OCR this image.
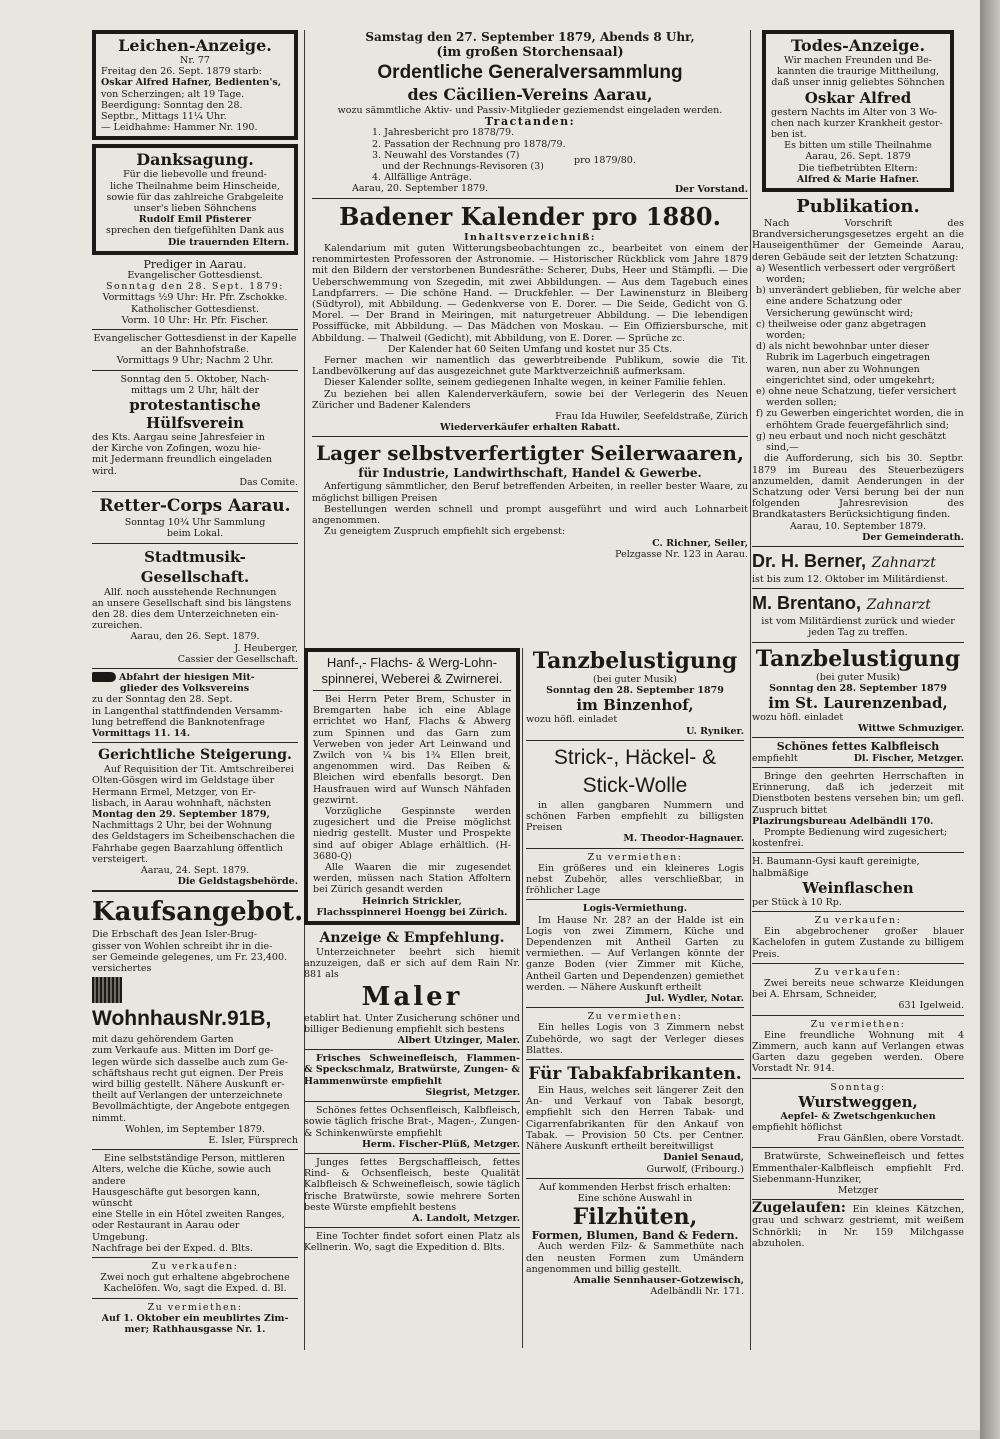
Leichen-Anzeige.

Nr. 77

Freitag den 26. Sept. 1879 starb:

Oskar Alfred Hafner, Bedienten's,

von Scherzingen; alt 19 Tage.

Beerdigung: Sonntag den 28.

Septbr., Mittags 11¼ Uhr.

— Leidhahme: Hammer Nr. 190.

Danksagung.

Für die liebevolle und freund-

liche Theilnahme beim Hinscheide,

sowie für das zahlreiche Grabgeleite

unser's lieben Söhnchens

Rudolf Emil Pfisterer

sprechen den tiefgefühlten Dank aus

Die trauernden Eltern.

Prediger in Aarau.

Evangelischer Gottesdienst.

Sonntag den 28. Sept. 1879:

Vormittags ½9 Uhr: Hr. Pfr. Zschokke.

Katholischer Gottesdienst.

Vorm. 10 Uhr: Hr. Pfr. Fischer.

Evangelischer Gottesdienst in der Kapelle

an der Bahnhofstraße.

Vormittags 9 Uhr; Nachm 2 Uhr.

Sonntag den 5. Oktober, Nach-

mittags um 2 Uhr, hält der

protestantische Hülfsverein

des Kts. Aargau seine Jahresfeier in

der Kirche von Zofingen, wozu hie-

mit Jedermann freundlich eingeladen wird.

Das Comite.

Retter-Corps Aarau.

Sonntag 10¾ Uhr Sammlung

beim Lokal.

Stadtmusik-Gesellschaft.

Allf. noch ausstehende Rechnungen

an unsere Gesellschaft sind bis längstens

den 28. dies dem Unterzeichneten ein-

zureichen.

Aarau, den 26. Sept. 1879.

J. Heuberger,

Cassier der Gesellschaft.

Abfahrt der hiesigen Mit-

glieder des Volksvereins

zu der Sonntag den 28. Sept.

in Langenthal stattfindenden Versamm-

lung betreffend die Banknotenfrage

Vormittags 11. 14.

Gerichtliche Steigerung.

Auf Requisition der Tit. Amtschreiberei

Olten-Gösgen wird im Geldstage über

Hermann Ermel, Metzger, von Er-

lisbach, in Aarau wohnhaft, nächsten

Montag den 29. September 1879,

Nachmittags 2 Uhr, bei der Wohnung

des Geldstagers im Scheibenschachen die

Fahrhabe gegen Baarzahlung öffentlich

versteigert.

Aarau, 24. Sept. 1879.

Die Geldstagsbehörde.

Kaufsangebot.

Die Erbschaft des Jean Isler-Brug-

gisser von Wohlen schreibt ihr in die-

ser Gemeinde gelegenes, um Fr. 23,400.

versichertes

WohnhausNr.91B,

mit dazu gehörendem Garten

zum Verkaufe aus. Mitten im Dorf ge-

legen würde sich dasselbe auch zum Ge-

schäftshaus recht gut eignen. Der Preis

wird billig gestellt. Nähere Auskunft er-

theilt auf Verlangen der unterzeichnete

Bevollmächtigte, der Angebote entgegen

nimmt.

Wohlen, im September 1879.

E. Isler, Fürsprech

Eine selbstständige Person, mittleren

Alters, welche die Küche, sowie auch andere

Hausgeschäfte gut besorgen kann, wünscht

eine Stelle in ein Hôtel zweiten Ranges,

oder Restaurant in Aarau oder Umgebung.

Nachfrage bei der Exped. d. Blts.

Zu verkaufen:

Zwei noch gut erhaltene abgebrochene

Kachelöfen. Wo, sagt die Exped. d. Bl.

Zu vermiethen:

Auf 1. Oktober ein meublirtes Zim-

mer; Rathhausgasse Nr. 1.

Samstag den 27. September 1879, Abends 8 Uhr,

(im großen Storchensaal)

Ordentliche Generalversammlung

des Cäcilien-Vereins Aarau,

wozu sämmtliche Aktiv- und Passiv-Mitglieder geziemendst eingeladen werden.

Tractanden:

1. Jahresbericht pro 1878/79.

2. Passation der Rechnung pro 1878/79.

3. Neuwahl des Vorstandes (7)

und der Rechnungs-Revisoren (3)

pro 1879/80.

4. Allfällige Anträge.

Aarau, 20. September 1879.	Der Vorstand.

Badener Kalender pro 1880.

Inhaltsverzeichniß:

Kalendarium mit guten Witterungsbeobachtungen zc., bearbeitet von einem der renommirtesten Professoren der Astronomie. — Historischer Rückblick vom Jahre 1879 mit den Bildern der verstorbenen Bundesräthe: Scherer, Dubs, Heer und Stämpfli. — Die Ueberschwemmung von Szegedin, mit zwei Abbildungen. — Aus dem Tagebuch eines Landpfarrers. — Die schöne Hand. — Druckfehler. — Der Lawinensturz in Bleiberg (Südtyrol), mit Abbildung. — Gedenkverse von E. Dorer. — Die Seide, Gedicht von G. Morel. — Der Brand in Meiringen, mit naturgetreuer Abbildung. — Die lebendigen Possiffücke, mit Abbildung. — Das Mädchen von Moskau. — Ein Offiziersbursche, mit Abbildung. — Thalweil (Gedicht), mit Abbildung, von E. Dorer. — Sprüche zc.

Der Kalender hat 60 Seiten Umfang und kostet nur 35 Cts.

Ferner machen wir namentlich das gewerbtreibende Publikum, sowie die Tit. Landbevölkerung auf das ausgezeichnet gute Marktverzeichniß aufmerksam.

Dieser Kalender sollte, seinem gediegenen Inhalte wegen, in keiner Familie fehlen.

Zu beziehen bei allen Kalenderverkäufern, sowie bei der Verlegerin des Neuen Züricher und Badener Kalenders

Frau Ida Huwiler, Seefeldstraße, Zürich

Wiederverkäufer erhalten Rabatt.

Lager selbstverfertigter Seilerwaaren,

für Industrie, Landwirthschaft, Handel & Gewerbe.

Anfertigung sämmtlicher, den Beruf betreffenden Arbeiten, in reeller bester Waare, zu möglichst billigen Preisen

Bestellungen werden schnell und prompt ausgeführt und wird auch Lohnarbeit angenommen.

Zu geneigtem Zuspruch empfiehlt sich ergebenst:

C. Richner, Seiler,

Pelzgasse Nr. 123 in Aarau.

Hanf-,- Flachs- & Werg-Lohn-

spinnerei, Weberei & Zwirnerei.

Bei Herrn Peter Brem, Schuster in Bremgarten habe ich eine Ablage errichtet wo Hanf, Flachs & Abwerg zum Spinnen und das Garn zum Verweben von jeder Art Leinwand und Zwilch von ¼ bis 1¾ Ellen breit, angenommen wird. Das Reiben & Bleichen wird ebenfalls besorgt. Den Hausfrauen wird auf Wunsch Nähfaden gezwirnt.

Vorzügliche Gespinnste werden zugesichert und die Preise möglichst niedrig gestellt. Muster und Prospekte sind auf obiger Ablage erhältlich. (H-3680-Q)

Alle Waaren die mir zugesendet werden, müssen nach Station Affoltern bei Zürich gesandt werden

Heinrich Strickler,

Flachsspinnerei Hoengg bei Zürich.

Anzeige & Empfehlung.

Unterzeichneter beehrt sich hiemit anzuzeigen, daß er sich auf dem Rain Nr. 881 als

Maler

etablirt hat. Unter Zusicherung schöner und billiger Bedienung empfiehlt sich bestens

Albert Utzinger, Maler.

Frisches Schweinefleisch, Flammen- & Speckschmalz, Bratwürste, Zungen- & Hammenwürste empfiehlt

Siegrist, Metzger.

Schönes fettes Ochsenfleisch, Kalbfleisch, sowie täglich frische Brat-, Magen-, Zungen- & Schinkenwürste empfiehlt

Herm. Fischer-Plüß, Metzger.

Junges fettes Bergschaffleisch, fettes Rind- & Ochsenfleisch, beste Qualität Kalbfleisch & Schweinefleisch, sowie täglich frische Bratwürste, sowie mehrere Sorten beste Würste empfiehlt bestens

A. Landolt, Metzger.

Eine Tochter findet sofort einen Platz als Kellnerin. Wo, sagt die Expedition d. Blts.

Tanzbelustigung

(bei guter Musik)

Sonntag den 28. September 1879

im Binzenhof,

wozu höfl. einladet

U. Ryniker.

Strick-, Häckel- &

Stick-Wolle

in allen gangbaren Nummern und schönen Farben empfiehlt zu billigsten Preisen

M. Theodor-Hagnauer.

Zu vermiethen:

Ein größeres und ein kleineres Logis nebst Zubehör, alles verschließbar, in fröhlicher Lage

Logis-Vermiethung.

Im Hause Nr. 28? an der Halde ist ein Logis von zwei Zimmern, Küche und Dependenzen mit Antheil Garten zu vermiethen. — Auf Verlangen könnte der ganze Boden (vier Zimmer mit Küche, Antheil Garten und Dependenzen) gemiethet werden. — Nähere Auskunft ertheilt

Jul. Wydler, Notar.

Zu vermiethen:

Ein helles Logis von 3 Zimmern nebst Zubehörde, wo sagt der Verleger dieses Blattes.

Für Tabakfabrikanten.

Ein Haus, welches seit längerer Zeit den An- und Verkauf von Tabak besorgt, empfiehlt sich den Herren Tabak- und Cigarrenfabrikanten für den Ankauf von Tabak. — Provision 50 Cts. per Centner. Nähere Auskunft ertheilt bereitwilligst

Daniel Senaud,

Gurwolf, (Fribourg.)

Auf kommenden Herbst frisch erhalten:

Eine schöne Auswahl in

Filzhüten,

Formen, Blumen, Band & Federn.

Auch werden Filz- & Sammethüte nach den neusten Formen zum Umändern angenommen und billig gestellt.

Amalie Sennhauser-Gotzewisch,

Adelbändli Nr. 171.

Todes-Anzeige.

Wir machen Freunden und Be-

kannten die traurige Mittheilung,

daß unser innig geliebtes Söhnchen

Oskar Alfred

gestern Nachts im Alter von 3 Wo-

chen nach kurzer Krankheit gestor-

ben ist.

Es bitten um stille Theilnahme

Aarau, 26. Sept. 1879

Die tiefbetrübten Eltern:

Alfred & Marie Hafner.

Publikation.

Nach Vorschrift des Brandversicherungsgesetzes ergeht an die Hauseigenthümer der Gemeinde Aarau, deren Gebäude seit der letzten Schatzung:

a) Wesentlich verbessert oder vergrößert worden;

b) unverändert geblieben, für welche aber eine andere Schatzung oder Versicherung gewünscht wird;

c) theilweise oder ganz abgetragen worden;

d) als nicht bewohnbar unter dieser Rubrik im Lagerbuch eingetragen waren, nun aber zu Wohnungen eingerichtet sind, oder umgekehrt;

e) ohne neue Schatzung, tiefer versichert werden sollen;

f) zu Gewerben eingerichtet worden, die in erhöhtem Grade feuergefährlich sind;

g) neu erbaut und noch nicht geschätzt sind,—

die Aufforderung, sich bis 30. Septbr. 1879 im Bureau des Steuerbezügers anzumelden, damit Aenderungen in der Schatzung oder Versi berung bei der nun folgenden Jahresrevision des Brandkatasters Berücksichtigung finden.

Aarau, 10. September 1879.

Der Gemeinderath.

Dr. H. Berner, Zahnarzt

ist bis zum 12. Oktober im Militärdienst.

M. Brentano, Zahnarzt

ist vom Militärdienst zurück und wieder jeden Tag zu treffen.

Tanzbelustigung

(bei guter Musik)

Sonntag den 28. September 1879

im St. Laurenzenbad,

wozu höfl. einladet

Wittwe Schmuziger.

Schönes fettes Kalbfleisch

empfiehlt	Dl. Fischer, Metzger.

Bringe den geehrten Herrschaften in Erinnerung, daß ich jederzeit mit Dienstboten bestens versehen bin; um gefl. Zuspruch bittet

Plazirungsbureau Adelbändli 170.

Prompte Bedienung wird zugesichert; kostenfrei.

H. Baumann-Gysi kauft gereinigte, halbmäßige

Weinflaschen

per Stück à 10 Rp.

Zu verkaufen:

Ein abgebrochener großer blauer Kachelofen in gutem Zustande zu billigem Preis.

Zu verkaufen:

Zwei bereits neue schwarze Kleidungen bei A. Ehrsam, Schneider,

631 Igelweid.

Zu vermiethen:

Eine freundliche Wohnung mit 4 Zimmern, auch kann auf Verlangen etwas Garten dazu gegeben werden. Obere Vorstadt Nr. 914.

Sonntag:

Wurstweggen,

Aepfel- & Zwetschgenkuchen

empfiehlt höflichst

Frau Gänßlen, obere Vorstadt.

Bratwürste, Schweinefleisch und fettes Emmenthaler-Kalbfleisch empfiehlt Frd. Siebenmann-Hunziker,

Metzger

Zugelaufen: Ein kleines Kätzchen, grau und schwarz gestriemt, mit weißem Schnörkli; in Nr. 159 Milchgasse abzuholen.
